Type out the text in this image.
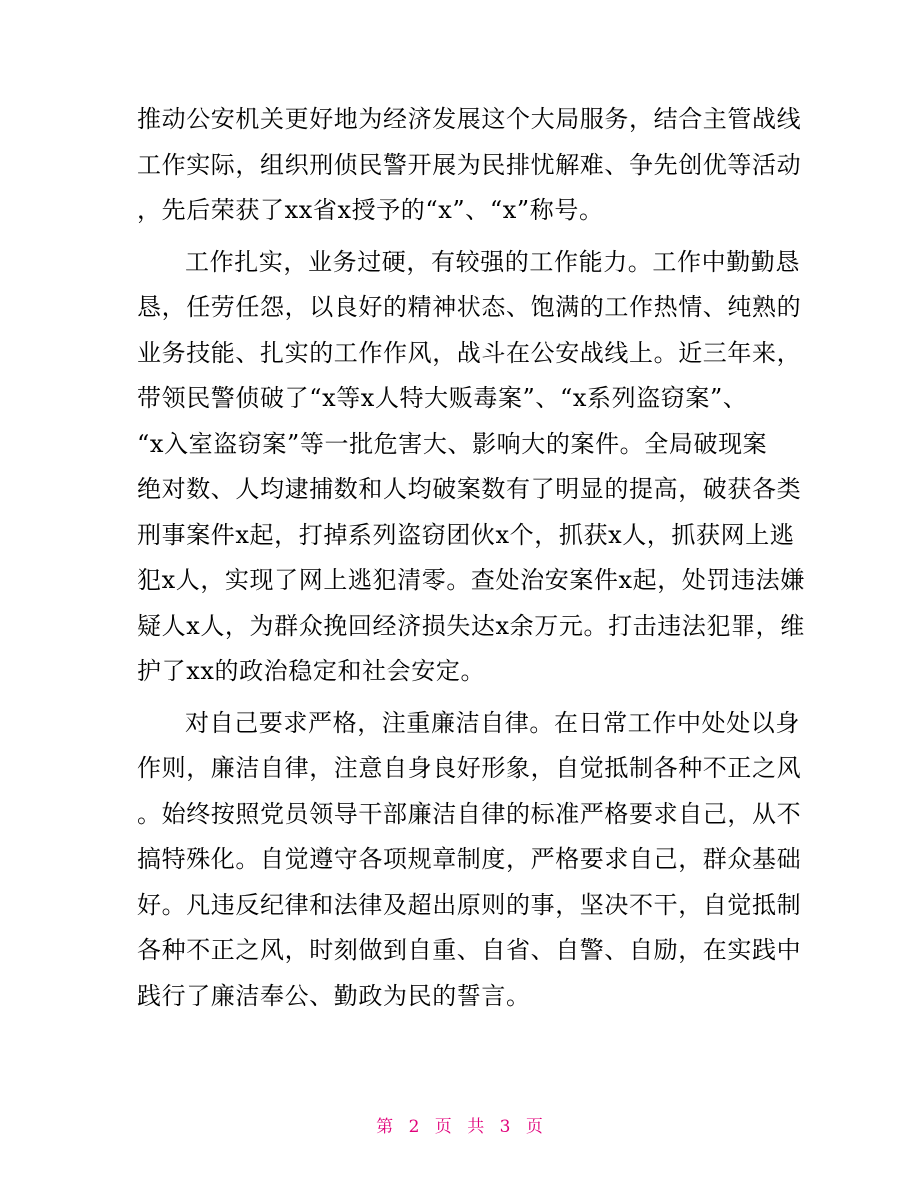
推动公安机关更好地为经济发展这个大局服务，结合主管战线
工作实际，组织刑侦民警开展为民排忧解难、争先创优等活动
，先后荣获了xx省x授予的“x”、“x”称号。
工作扎实，业务过硬，有较强的工作能力。工作中勤勤恳
恳，任劳任怨，以良好的精神状态、饱满的工作热情、纯熟的
业务技能、扎实的工作作风，战斗在公安战线上。近三年来，
带领民警侦破了“x等x人特大贩毒案”、“x系列盗窃案”、
“x入室盗窃案”等一批危害大、影响大的案件。全局破现案
绝对数、人均逮捕数和人均破案数有了明显的提高，破获各类
刑事案件x起，打掉系列盗窃团伙x个，抓获x人，抓获网上逃
犯x人，实现了网上逃犯清零。查处治安案件x起，处罚违法嫌
疑人x人，为群众挽回经济损失达x余万元。打击违法犯罪，维
护了xx的政治稳定和社会安定。
对自己要求严格，注重廉洁自律。在日常工作中处处以身
作则，廉洁自律，注意自身良好形象，自觉抵制各种不正之风
。始终按照党员领导干部廉洁自律的标准严格要求自己，从不
搞特殊化。自觉遵守各项规章制度，严格要求自己，群众基础
好。凡违反纪律和法律及超出原则的事，坚决不干，自觉抵制
各种不正之风，时刻做到自重、自省、自警、自励，在实践中
践行了廉洁奉公、勤政为民的誓言。
第 2 页 共 3 页
